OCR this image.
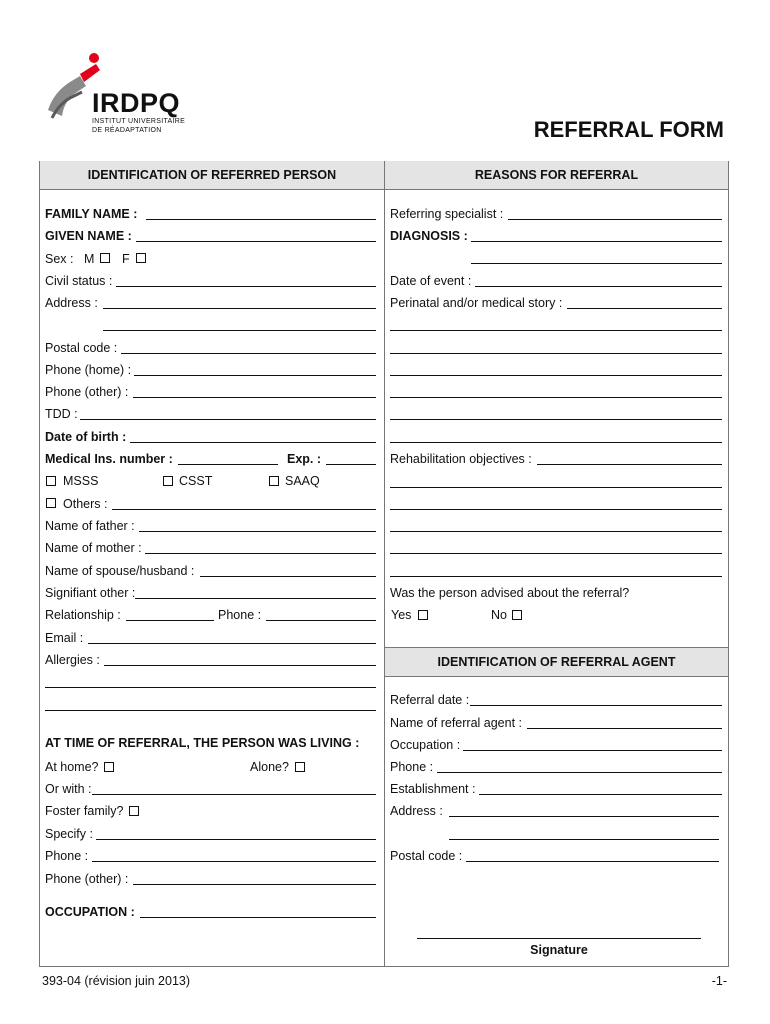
IRDPQ
INSTITUT UNIVERSITAIRE
DE RÉADAPTATION	REFERRAL FORM
IDENTIFICATION OF REFERRED PERSON	REASONS FOR REFERRAL
FAMILY NAME :
GIVEN NAME :
Sex : M F
Civil status :
Address :
Postal code :
Phone (home) :
Phone (other) :
TDD :
Date of birth :
Medical Ins. number :	Exp. :
MSSS	CSST	SAAQ
Others :
Name of father :
Name of mother :
Name of spouse/husband :
Signifiant other :
Relationship :	Phone :
Email :
Allergies :
AT TIME OF REFERRAL, THE PERSON WAS LIVING :
At home?	Alone?
Or with :
Foster family?
Specify :
Phone :
Phone (other) :
OCCUPATION :
Referring specialist :
DIAGNOSIS :
Date of event :
Perinatal and/or medical story :
Rehabilitation objectives :
Was the person advised about the referral?
Yes	No
IDENTIFICATION OF REFERRAL AGENT
Referral date :
Name of referral agent :
Occupation :
Phone :
Establishment :
Address :
Postal code :
Signature
393-04 (révision juin 2013)	-1-
